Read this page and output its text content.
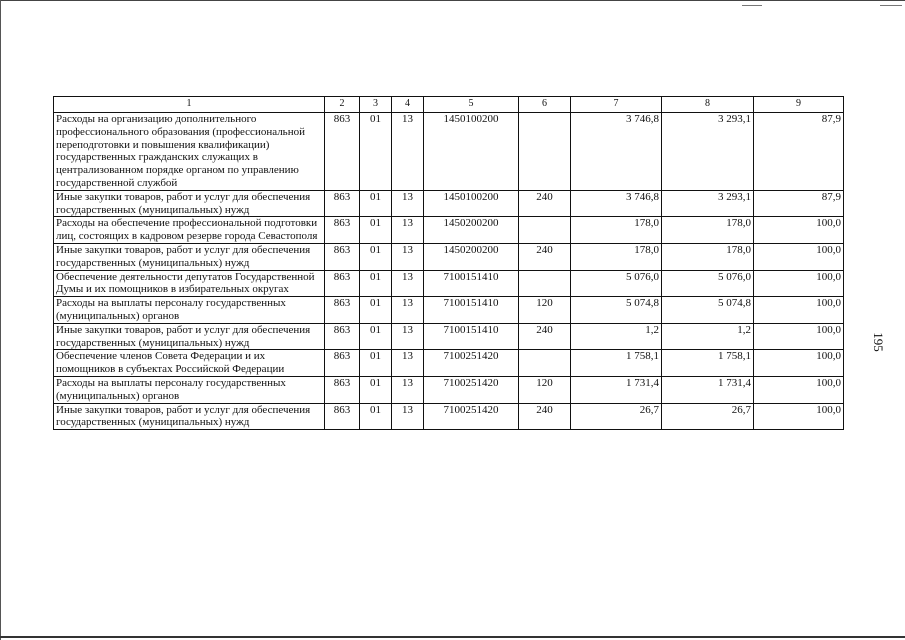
195
1	2	3	4	5	6	7	8	9
Расходы на организацию дополнительного профессионального образования (профессиональной переподготовки и повышения квалификации) государственных гражданских служащих в централизованном порядке органом по управлению государственной службой	863	01	13	1450100200		3 746,8	3 293,1	87,9
Иные закупки товаров, работ и услуг для обеспечения государственных (муниципальных) нужд	863	01	13	1450100200	240	3 746,8	3 293,1	87,9
Расходы на обеспечение профессиональной подготовки лиц, состоящих в кадровом резерве города Севастополя	863	01	13	1450200200		178,0	178,0	100,0
Иные закупки товаров, работ и услуг для обеспечения государственных (муниципальных) нужд	863	01	13	1450200200	240	178,0	178,0	100,0
Обеспечение деятельности депутатов Государственной Думы и их помощников в избирательных округах	863	01	13	7100151410		5 076,0	5 076,0	100,0
Расходы на выплаты персоналу государственных (муниципальных) органов	863	01	13	7100151410	120	5 074,8	5 074,8	100,0
Иные закупки товаров, работ и услуг для обеспечения государственных (муниципальных) нужд	863	01	13	7100151410	240	1,2	1,2	100,0
Обеспечение членов Совета Федерации и их помощников в субъектах Российской Федерации	863	01	13	7100251420		1 758,1	1 758,1	100,0
Расходы на выплаты персоналу государственных (муниципальных) органов	863	01	13	7100251420	120	1 731,4	1 731,4	100,0
Иные закупки товаров, работ и услуг для обеспечения государственных (муниципальных) нужд	863	01	13	7100251420	240	26,7	26,7	100,0
